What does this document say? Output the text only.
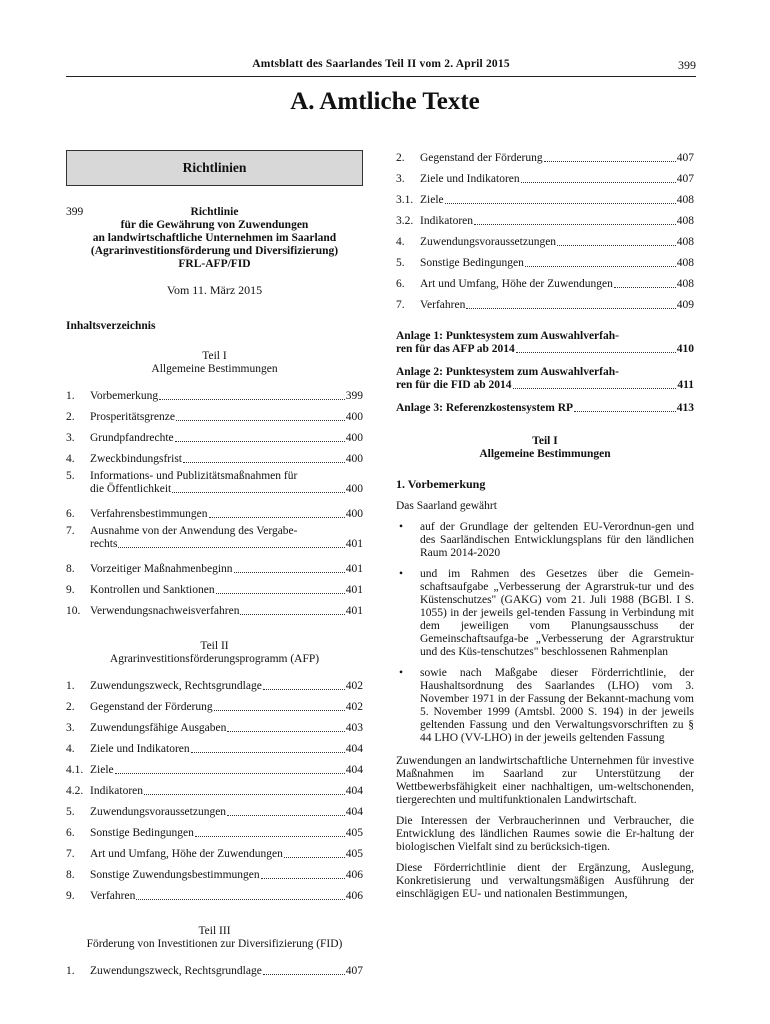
Amtsblatt des Saarlandes Teil II vom 2. April 2015	399
A. Amtliche Texte
Richtlinien
399	Richtlinie
für die Gewährung von Zuwendungen
an landwirtschaftliche Unternehmen im Saarland
(Agrarinvestitionsförderung und Diversifizierung)
FRL-AFP/FID
Vom 11. März 2015
Inhaltsverzeichnis
Teil I
Allgemeine Bestimmungen
1.	Vorbemerkung	399
2.	Prosperitätsgrenze	400
3.	Grundpfandrechte	400
4.	Zweckbindungsfrist	400
5.	Informations- und Publizitätsmaßnahmen für
die Öffentlichkeit	400
6.	Verfahrensbestimmungen	400
7.	Ausnahme von der Anwendung des Vergabe-
rechts	401
8.	Vorzeitiger Maßnahmenbeginn	401
9.	Kontrollen und Sanktionen	401
10. Verwendungsnachweisverfahren	401
Teil II
Agrarinvestitionsförderungsprogramm (AFP)
1.	Zuwendungszweck, Rechtsgrundlage	402
2.	Gegenstand der Förderung	402
3.	Zuwendungsfähige Ausgaben	403
4.	Ziele und Indikatoren	404
4.1. Ziele	404
4.2. Indikatoren	404
5.	Zuwendungsvoraussetzungen	404
6.	Sonstige Bedingungen	405
7.	Art und Umfang, Höhe der Zuwendungen	405
8.	Sonstige Zuwendungsbestimmungen	406
9.	Verfahren	406
Teil III
Förderung von Investitionen zur Diversifizierung (FID)
1.	Zuwendungszweck, Rechtsgrundlage	407
2.	Gegenstand der Förderung	407
3.	Ziele und Indikatoren	407
3.1. Ziele	408
3.2. Indikatoren	408
4.	Zuwendungsvoraussetzungen	408
5.	Sonstige Bedingungen	408
6.	Art und Umfang, Höhe der Zuwendungen	408
7.	Verfahren	409
Anlage 1: Punktesystem zum Auswahlverfah-
ren für das AFP ab 2014	410
Anlage 2: Punktesystem zum Auswahlverfah-
ren für die FID ab 2014	411
Anlage 3: Referenzkostensystem RP	413
Teil I
Allgemeine Bestimmungen
1. Vorbemerkung
Das Saarland gewährt
• auf der Grundlage der geltenden EU-Verordnun-gen und des Saarländischen Entwicklungsplans für den ländlichen Raum 2014-2020
• und im Rahmen des Gesetzes über die Gemein-schaftsaufgabe „Verbesserung der Agrarstruk-tur und des Küstenschutzes" (GAKG) vom 21. Juli 1988 (BGBl. I S. 1055) in der jeweils gel-tenden Fassung in Verbindung mit dem jeweiligen vom Planungsausschuss der Gemeinschaftsaufga-be „Verbesserung der Agrarstruktur und des Küs-tenschutzes" beschlossenen Rahmenplan
• sowie nach Maßgabe dieser Förderrichtlinie, der Haushaltsordnung des Saarlandes (LHO) vom 3. November 1971 in der Fassung der Bekannt-machung vom 5. November 1999 (Amtsbl. 2000 S. 194) in der jeweils geltenden Fassung und den Verwaltungsvorschriften zu § 44 LHO (VV-LHO) in der jeweils geltenden Fassung
Zuwendungen an landwirtschaftliche Unternehmen für investive Maßnahmen im Saarland zur Unterstützung der Wettbewerbsfähigkeit einer nachhaltigen, um-weltschonenden, tiergerechten und multifunktionalen Landwirtschaft.
Die Interessen der Verbraucherinnen und Verbraucher, die Entwicklung des ländlichen Raumes sowie die Er-haltung der biologischen Vielfalt sind zu berücksich-tigen.
Diese Förderrichtlinie dient der Ergänzung, Auslegung, Konkretisierung und verwaltungsmäßigen Ausführung der einschlägigen EU- und nationalen Bestimmungen,
